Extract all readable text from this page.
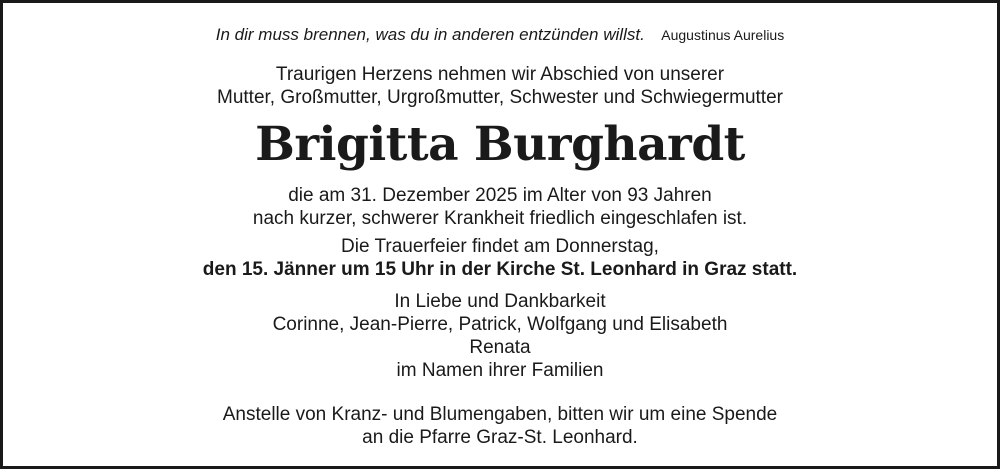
In dir muss brennen, was du in anderen entzünden willst. Augustinus Aurelius
Traurigen Herzens nehmen wir Abschied von unserer
Mutter, Großmutter, Urgroßmutter, Schwester und Schwiegermutter
Brigitta Burghardt
die am 31. Dezember 2025 im Alter von 93 Jahren
nach kurzer, schwerer Krankheit friedlich eingeschlafen ist.
Die Trauerfeier findet am Donnerstag,
den 15. Jänner um 15 Uhr in der Kirche St. Leonhard in Graz statt.
In Liebe und Dankbarkeit
Corinne, Jean-Pierre, Patrick, Wolfgang und Elisabeth
Renata
im Namen ihrer Familien
Anstelle von Kranz- und Blumengaben, bitten wir um eine Spende
an die Pfarre Graz-St. Leonhard.
